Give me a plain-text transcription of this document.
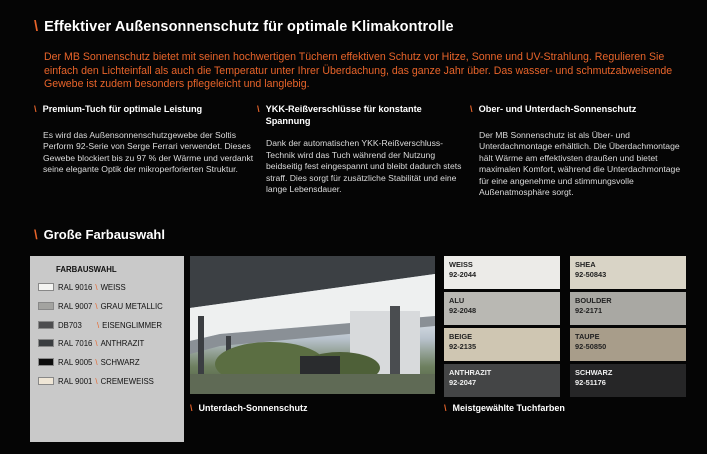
\ Effektiver Außensonnenschutz für optimale Klimakontrolle
Der MB Sonnenschutz bietet mit seinen hochwertigen Tüchern effektiven Schutz vor Hitze, Sonne und UV-Strahlung. Regulieren Sie einfach den Lichteinfall als auch die Temperatur unter Ihrer Überdachung, das ganze Jahr über. Das wasser- und schmutzabweisende Gewebe ist zudem besonders pflegeleicht und langlebig.
\ Premium-Tuch für optimale Leistung

Es wird das Außensonnenschutzgewebe der Soltis Perform 92-Serie von Serge Ferrari verwendet. Dieses Gewebe blockiert bis zu 97 % der Wärme und verdankt seine elegante Optik der mikroperforierten Struktur.

\ YKK-Reißverschlüsse für konstante Spannung

Dank der automatischen YKK-Reißverschluss-Technik wird das Tuch während der Nutzung beidseitig fest eingespannt und bleibt dadurch stets straff. Dies sorgt für zusätzliche Stabilität und eine lange Lebensdauer.

\ Ober- und Unterdach-Sonnenschutz

Der MB Sonnenschutz ist als Über- und Unterdachmontage erhältlich. Die Überdachmontage hält Wärme am effektivsten draußen und bietet maximalen Komfort, während die Unterdachmontage für eine angenehme und stimmungsvolle Außenatmosphäre sorgt.

\ Große Farbauswahl
FARBAUSWAHL
RAL 9016 \ WEISS
RAL 9007 \ GRAU METALLIC
DB703	\ EISENGLIMMER
RAL 7016 \ ANTHRAZIT
RAL 9005 \ SCHWARZ
RAL 9001 \ CREMEWEISS
\ Unterdach-Sonnenschutz
WEISS
92-2044
SHEA
92-50843
ALU
92-2048
BOULDER
92-2171
BEIGE
92-2135
TAUPE
92-50850
ANTHRAZIT
92-2047
SCHWARZ
92-51176
\ Meistgewählte Tuchfarben
